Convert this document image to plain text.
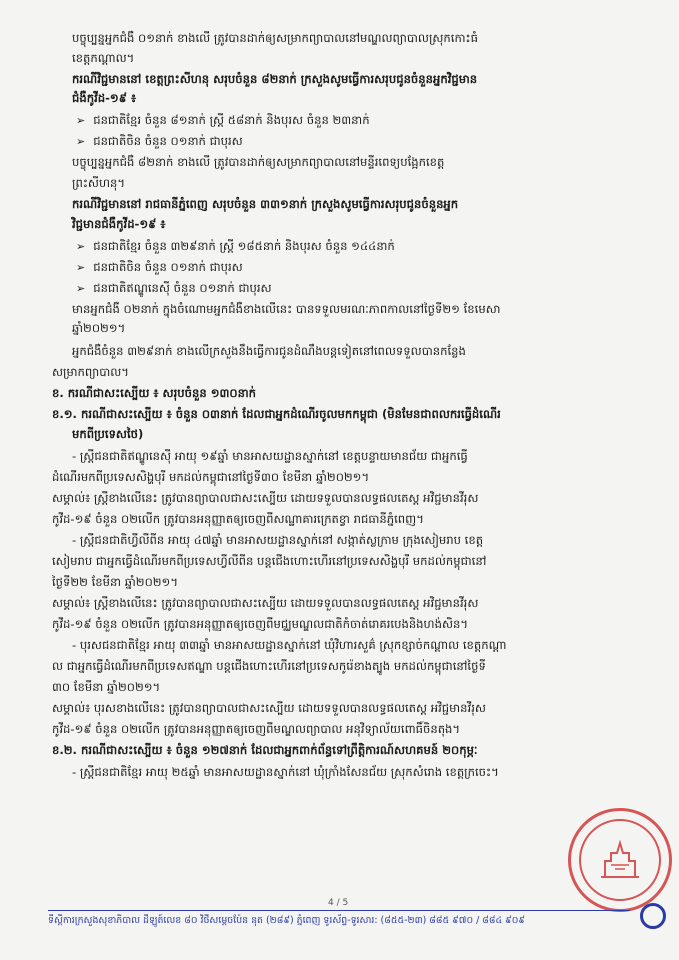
បច្ចុប្បន្នអ្នកជំងឺ ០១នាក់ ខាងលើ ត្រូវបានដាក់ឲ្យសម្រាកព្យាបាលនៅមណ្ឌលព្យាបាលស្រុកកោះធំ
ខេត្តកណ្ដាល។
ករណីវិជ្ជមាននៅ ខេត្តព្រះសីហនុ សរុបចំនួន ៨២នាក់ ក្រសួងសូមធ្វើការសរុបជូនចំនួនអ្នកវិជ្ជមាន
ជំងឺកូវីដ-១៩ ៖
➢ ជនជាតិខ្មែរ ចំនួន ៨១នាក់ ស្ត្រី ៥៨នាក់ និងបុរស ចំនួន ២៣នាក់
➢ ជនជាតិចិន ចំនួន ០១នាក់ ជាបុរស
បច្ចុប្បន្នអ្នកជំងឺ ៨២នាក់ ខាងលើ ត្រូវបានដាក់ឲ្យសម្រាកព្យាបាលនៅមន្ទីរពេទ្យបង្អែកខេត្ត
ព្រះសីហនុ។
ករណីវិជ្ជមាននៅ រាជធានីភ្នំពេញ សរុបចំនួន ៣៣១នាក់ ក្រសួងសូមធ្វើការសរុបជូនចំនួនអ្នក
វិជ្ជមានជំងឺកូវីដ-១៩ ៖
➢ ជនជាតិខ្មែរ ចំនួន ៣២៩នាក់ ស្ត្រី ១៨៥នាក់ និងបុរស ចំនួន ១៤៤នាក់
➢ ជនជាតិចិន ចំនួន ០១នាក់ ជាបុរស
➢ ជនជាតិឥណ្ឌូនេស៊ី ចំនួន ០១នាក់ ជាបុរស
មានអ្នកជំងឺ ០២នាក់ ក្នុងចំណោមអ្នកជំងឺខាងលើនេះ បានទទួលមរណៈភាពកាលនៅថ្ងៃទី២១ ខែមេសា
ឆ្នាំ២០២១។
អ្នកជំងឺចំនួន ៣២៩នាក់ ខាងលើក្រសួងនឹងធ្វើការជូនដំណឹងបន្តទៀតនៅពេលទទួលបានកន្លែង
សម្រាកព្យាបាល។
ខ. ករណីជាសះស្បើយ ៖ សរុបចំនួន ១៣០នាក់
ខ.១. ករណីជាសះស្បើយ ៖ ចំនួន ០៣នាក់ ដែលជាអ្នកដំណើរចូលមកកម្ពុជា (មិនមែនជាពលករធ្វើដំណើរ
មកពីប្រទេសថៃ)
- ស្ត្រីជនជាតិឥណ្ឌូនេស៊ី អាយុ ១៩ឆ្នាំ មានអាសយដ្ឋានស្នាក់នៅ ខេត្តបន្ទាយមានជ័យ ជាអ្នកធ្វើ
ដំណើរមកពីប្រទេសសិង្ហបុរី មកដល់កម្ពុជានៅថ្ងៃទី៣០ ខែមីនា ឆ្នាំ២០២១។
សម្គាល់៖ ស្ត្រីខាងលើនេះ ត្រូវបានព្យាបាលជាសះស្បើយ ដោយទទួលបានលទ្ធផលតេស្ត អវិជ្ជមានវីរុស
កូវីដ-១៩ ចំនួន ០២លើក ត្រូវបានអនុញ្ញាតឲ្យចេញពីសណ្ឋាគារក្រេតខ្វា រាជធានីភ្នំពេញ។
- ស្ត្រីជនជាតិហ្វីលីពីន អាយុ ៤៧ឆ្នាំ មានអាសយដ្ឋានស្នាក់នៅ សង្កាត់ស្លក្រាម ក្រុងសៀមរាប ខេត្ត
សៀមរាប ជាអ្នកធ្វើដំណើរមកពីប្រទេសហ្វីលីពីន បន្តជើងហោះហើរនៅប្រទេសសិង្ហបុរី មកដល់កម្ពុជានៅ
ថ្ងៃទី២២ ខែមីនា ឆ្នាំ២០២១។
សម្គាល់៖ ស្ត្រីខាងលើនេះ ត្រូវបានព្យាបាលជាសះស្បើយ ដោយទទួលបានលទ្ធផលតេស្ត អវិជ្ជមានវីរុស
កូវីដ-១៩ ចំនួន ០២លើក ត្រូវបានអនុញ្ញាតឲ្យចេញពីមជ្ឈមណ្ឌលជាតិកំចាត់រោគរបេងនិងហង់សិន។
- បុរសជនជាតិខ្មែរ អាយុ ៣៣ឆ្នាំ មានអាសយដ្ឋានស្នាក់នៅ ឃុំវិហារសួគ៌ ស្រុកខ្សាច់កណ្ដាល ខេត្តកណ្ដា
ល ជាអ្នកធ្វើដំណើរមកពីប្រទេសឥណ្ឌា បន្តជើងហោះហើរនៅប្រទេសកូរ៉េខាងត្បូង មកដល់កម្ពុជានៅថ្ងៃទី
៣០ ខែមីនា ឆ្នាំ២០២១។
សម្គាល់៖ បុរសខាងលើនេះ ត្រូវបានព្យាបាលជាសះស្បើយ ដោយទទួលបានលទ្ធផលតេស្ត អវិជ្ជមានវីរុស
កូវីដ-១៩ ចំនួន ០២លើក ត្រូវបានអនុញ្ញាតឲ្យចេញពីមណ្ឌលព្យាបាល អនុវិទ្យាល័យពោធិ៍ចិនតុង។
ខ.២. ករណីជាសះស្បើយ ៖ ចំនួន ១២៧នាក់ ដែលជាអ្នកពាក់ព័ន្ធទៅព្រឹត្តិការណ៍សហគមន៍ ២០កុម្ភៈ
- ស្ត្រីជនជាតិខ្មែរ អាយុ ២៥ឆ្នាំ មានអាសយដ្ឋានស្នាក់នៅ ឃុំក្រាំងសែនជ័យ ស្រុកសំរោង ខេត្តក្រចេះ។
4 / 5
ទីស្តីការក្រសួងសុខាភិបាល ដីឡូត៍លេខ ៨០ វិថីសម្តេចប៉ែន នុត (២៨៩) ភ្នំពេញ ទូរស័ព្ទ-ទូរសារ: (៨៥៥-២៣) ៨៨៥ ៩៧០ / ៨៨៤ ៩០៩
